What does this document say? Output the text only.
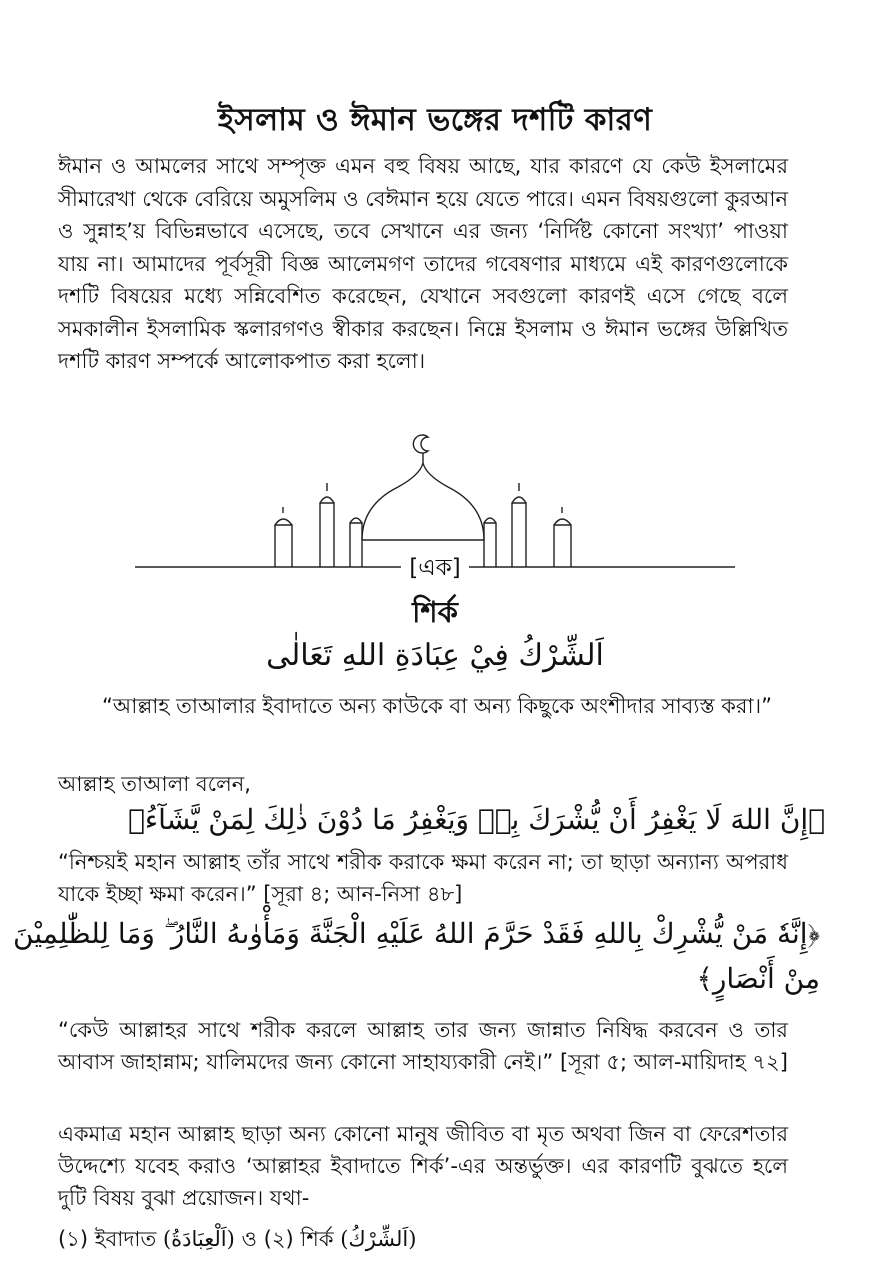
ইসলাম ও ঈমান ভঙ্গের দশটি কারণ
ঈমান ও আমলের সাথে সম্পৃক্ত এমন বহু বিষয় আছে, যার কারণে যে কেউ ইসলামের সীমারেখা থেকে বেরিয়ে অমুসলিম ও বেঈমান হয়ে যেতে পারে। এমন বিষয়গুলো কুরআন ও সুন্নাহ’য় বিভিন্নভাবে এসেছে, তবে সেখানে এর জন্য ‘নির্দিষ্ট কোনো সংখ্যা’ পাওয়া যায় না। আমাদের পূর্বসূরী বিজ্ঞ আলেমগণ তাদের গবেষণার মাধ্যমে এই কারণগুলোকে দশটি বিষয়ের মধ্যে সন্নিবেশিত করেছেন, যেখানে সবগুলো কারণই এসে গেছে বলে সমকালীন ইসলামিক স্কলারগণও স্বীকার করছেন। নিম্নে ইসলাম ও ঈমান ভঙ্গের উল্লিখিত দশটি কারণ সম্পর্কে আলোকপাত করা হলো।
[এক]
শির্ক
اَلشِّرْكُ فِيْ عِبَادَةِ اللهِ تَعَالٰى
“আল্লাহ তাআলার ইবাদাতে অন্য কাউকে বা অন্য কিছুকে অংশীদার সাব্যস্ত করা।”
আল্লাহ তাআলা বলেন,
﴿إِنَّ اللهَ لَا يَغْفِرُ أَنْ يُّشْرَكَ بِهٖ وَيَغْفِرُ مَا دُوْنَ ذٰلِكَ لِمَنْ يَّشَآءُ﴾
“নিশ্চয়ই মহান আল্লাহ তাঁর সাথে শরীক করাকে ক্ষমা করেন না; তা ছাড়া অন্যান্য অপরাধ যাকে ইচ্ছা ক্ষমা করেন।” [সূরা ৪; আন-নিসা ৪৮]
﴿إِنَّهٗ مَنْ يُّشْرِكْ بِاللهِ فَقَدْ حَرَّمَ اللهُ عَلَيْهِ الْجَنَّةَ وَمَأْوٰىهُ النَّارُ ۖ وَمَا لِلظّٰلِمِيْنَ
مِنْ أَنْصَارٍ﴾
“কেউ আল্লাহর সাথে শরীক করলে আল্লাহ তার জন্য জান্নাত নিষিদ্ধ করবেন ও তার আবাস জাহান্নাম; যালিমদের জন্য কোনো সাহায্যকারী নেই।” [সূরা ৫; আল-মায়িদাহ ৭২]
একমাত্র মহান আল্লাহ ছাড়া অন্য কোনো মানুষ জীবিত বা মৃত অথবা জিন বা ফেরেশতার উদ্দেশ্যে যবেহ করাও ‘আল্লাহর ইবাদাতে শির্ক’-এর অন্তর্ভুক্ত। এর কারণটি বুঝতে হলে দুটি বিষয় বুঝা প্রয়োজন। যথা-
(১) ইবাদাত (اَلْعِبَادَةُ) ও (২) শির্ক (اَلشِّرْكُ)
